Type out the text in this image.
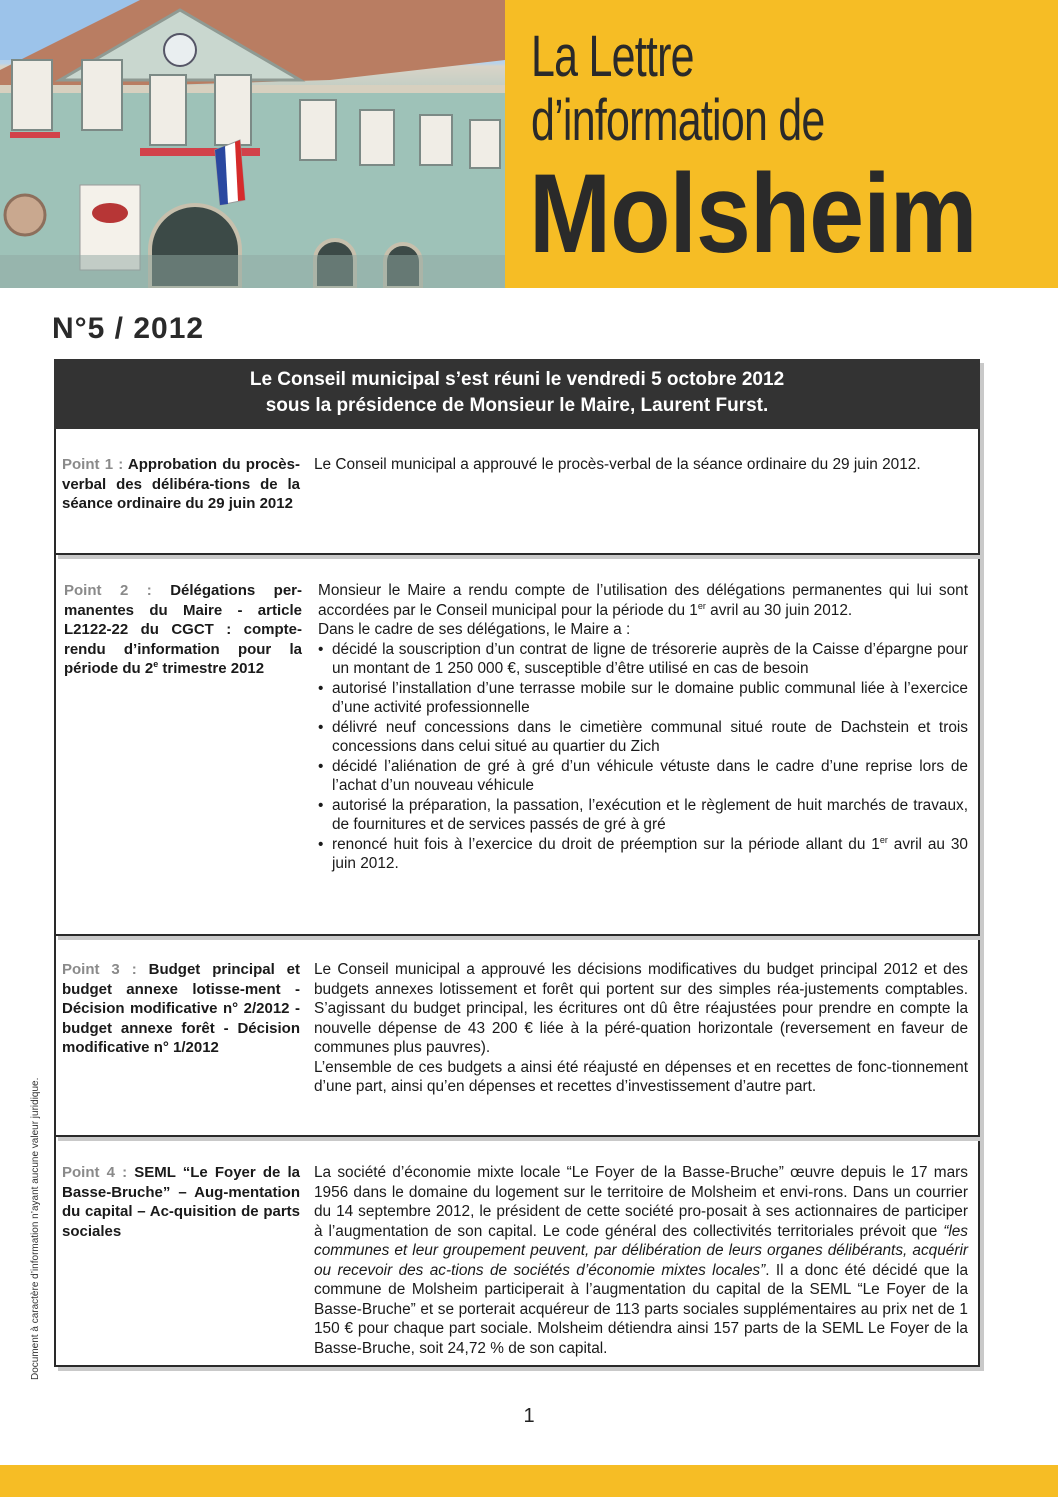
La Lettre
d’information de
Molsheim
N°5 / 2012
Le Conseil municipal s’est réuni le vendredi 5 octobre 2012
sous la présidence de Monsieur le Maire, Laurent Furst.
Point 1 : Approbation du procès-verbal des délibéra-tions de la séance ordinaire du 29 juin 2012
Le Conseil municipal a approuvé le procès-verbal de la séance ordinaire du 29 juin 2012.
Point 2 : Délégations per-manentes du Maire - article L2122-22 du CGCT : compte-rendu d’information pour la période du 2e trimestre 2012

Monsieur le Maire a rendu compte de l’utilisation des délégations permanentes qui lui sont accordées par le Conseil municipal pour la période du 1er avril au 30 juin 2012.

Dans le cadre de ses délégations, le Maire a :

• décidé la souscription d’un contrat de ligne de trésorerie auprès de la Caisse d’épargne pour un montant de 1 250 000 €, susceptible d’être utilisé en cas de besoin
• autorisé l’installation d’une terrasse mobile sur le domaine public communal liée à l’exercice d’une activité professionnelle
• délivré neuf concessions dans le cimetière communal situé route de Dachstein et trois concessions dans celui situé au quartier du Zich
• décidé l’aliénation de gré à gré d’un véhicule vétuste dans le cadre d’une reprise lors de l’achat d’un nouveau véhicule
• autorisé la préparation, la passation, l’exécution et le règlement de huit marchés de travaux, de fournitures et de services passés de gré à gré
• renoncé huit fois à l’exercice du droit de préemption sur la période allant du 1er avril au 30 juin 2012.
Point 3 : Budget principal et budget annexe lotisse-ment - Décision modificative n° 2/2012 - budget annexe forêt - Décision modificative n° 1/2012

Le Conseil municipal a approuvé les décisions modificatives du budget principal 2012 et des budgets annexes lotissement et forêt qui portent sur des simples réa-justements comptables. S’agissant du budget principal, les écritures ont dû être réajustées pour prendre en compte la nouvelle dépense de 43 200 € liée à la péré-quation horizontale (reversement en faveur de communes plus pauvres).

L’ensemble de ces budgets a ainsi été réajusté en dépenses et en recettes de fonc-tionnement d’une part, ainsi qu’en dépenses et recettes d’investissement d’autre part.

Point 4 : SEML “Le Foyer de la Basse-Bruche” – Aug-mentation du capital – Ac-quisition de parts sociales

La société d’économie mixte locale “Le Foyer de la Basse-Bruche” œuvre depuis le 17 mars 1956 dans le domaine du logement sur le territoire de Molsheim et envi-rons. Dans un courrier du 14 septembre 2012, le président de cette société pro-posait à ses actionnaires de participer à l’augmentation de son capital. Le code général des collectivités territoriales prévoit que “les communes et leur groupement peuvent, par délibération de leurs organes délibérants, acquérir ou recevoir des ac-tions de sociétés d’économie mixtes locales”. Il a donc été décidé que la commune de Molsheim participerait à l’augmentation du capital de la SEML “Le Foyer de la Basse-Bruche” et se porterait acquéreur de 113 parts sociales supplémentaires au prix net de 1 150 € pour chaque part sociale. Molsheim détiendra ainsi 157 parts de la SEML Le Foyer de la Basse-Bruche, soit 24,72 % de son capital.

Document à caractère d’information n’ayant aucune valeur juridique.
1
